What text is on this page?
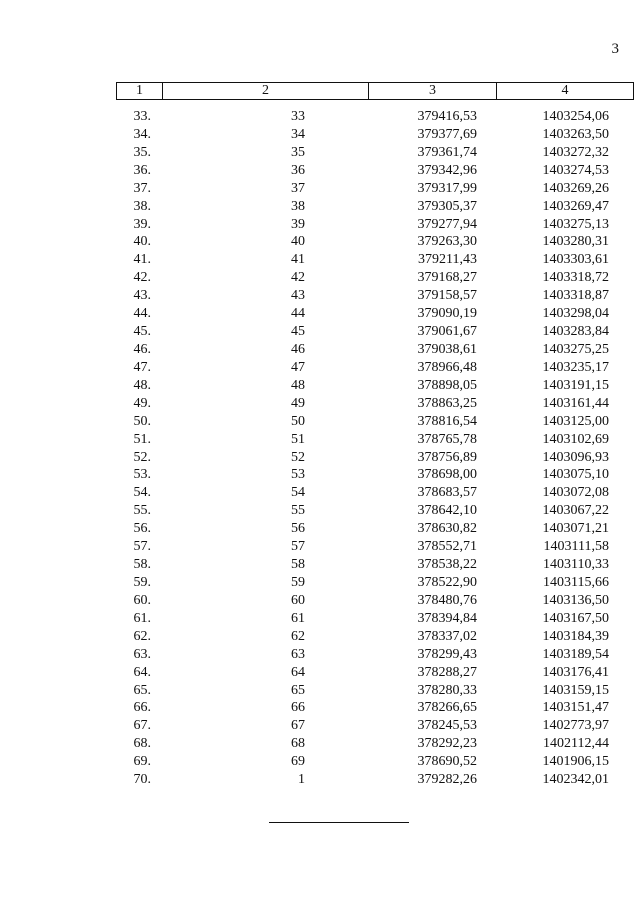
3
1	2	3	4
33.	33	379416,53	1403254,06
34.	34	379377,69	1403263,50
35.	35	379361,74	1403272,32
36.	36	379342,96	1403274,53
37.	37	379317,99	1403269,26
38.	38	379305,37	1403269,47
39.	39	379277,94	1403275,13
40.	40	379263,30	1403280,31
41.	41	379211,43	1403303,61
42.	42	379168,27	1403318,72
43.	43	379158,57	1403318,87
44.	44	379090,19	1403298,04
45.	45	379061,67	1403283,84
46.	46	379038,61	1403275,25
47.	47	378966,48	1403235,17
48.	48	378898,05	1403191,15
49.	49	378863,25	1403161,44
50.	50	378816,54	1403125,00
51.	51	378765,78	1403102,69
52.	52	378756,89	1403096,93
53.	53	378698,00	1403075,10
54.	54	378683,57	1403072,08
55.	55	378642,10	1403067,22
56.	56	378630,82	1403071,21
57.	57	378552,71	1403111,58
58.	58	378538,22	1403110,33
59.	59	378522,90	1403115,66
60.	60	378480,76	1403136,50
61.	61	378394,84	1403167,50
62.	62	378337,02	1403184,39
63.	63	378299,43	1403189,54
64.	64	378288,27	1403176,41
65.	65	378280,33	1403159,15
66.	66	378266,65	1403151,47
67.	67	378245,53	1402773,97
68.	68	378292,23	1402112,44
69.	69	378690,52	1401906,15
70.	1	379282,26	1402342,01
